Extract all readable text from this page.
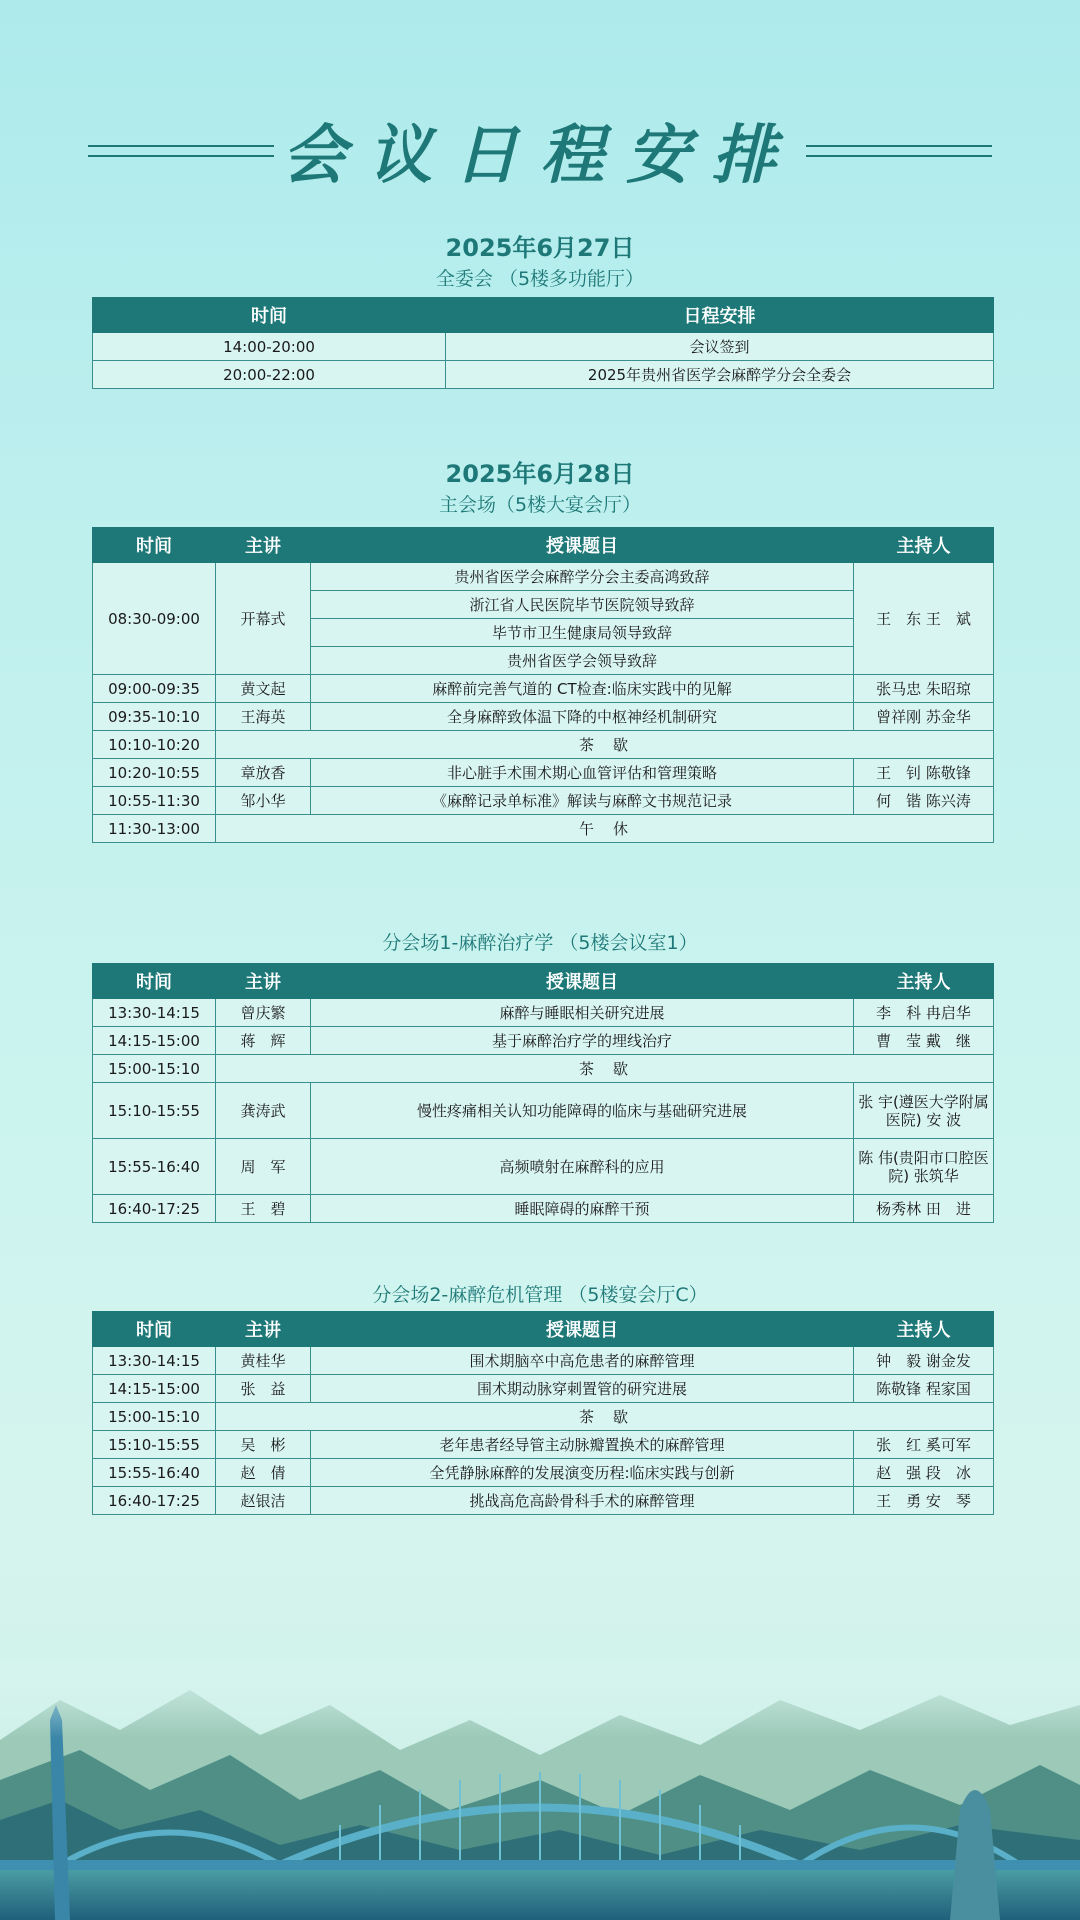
会议日程安排
2025年6月27日
全委会 （5楼多功能厅）
时间	日程安排
14:00-20:00	会议签到
20:00-22:00	2025年贵州省医学会麻醉学分会全委会
2025年6月28日
主会场（5楼大宴会厅）
时间	主讲	授课题目	主持人
08:30-09:00	开幕式	贵州省医学会麻醉学分会主委高鸿致辞	王　东 王　斌
		浙江省人民医院毕节医院领导致辞	
		毕节市卫生健康局领导致辞	
		贵州省医学会领导致辞	
09:00-09:35	黄文起	麻醉前完善气道的 CT检查:临床实践中的见解	张马忠 朱昭琼
09:35-10:10	王海英	全身麻醉致体温下降的中枢神经机制研究	曾祥刚 苏金华
10:10-10:20	茶　歇		
10:20-10:55	章放香	非心脏手术围术期心血管评估和管理策略	王　钊 陈敬锋
10:55-11:30	邹小华	《麻醉记录单标准》解读与麻醉文书规范记录	何　锴 陈兴涛
11:30-13:00	午　休		
分会场1-麻醉治疗学 （5楼会议室1）
时间	主讲	授课题目	主持人
13:30-14:15	曾庆繁	麻醉与睡眠相关研究进展	李　科 冉启华
14:15-15:00	蒋　辉	基于麻醉治疗学的埋线治疗	曹　莹 戴　继
15:00-15:10	茶　歇		
15:10-15:55	龚涛武	慢性疼痛相关认知功能障碍的临床与基础研究进展	张 宇(遵医大学附属医院) 安 波
15:55-16:40	周　军	高频喷射在麻醉科的应用	陈 伟(贵阳市口腔医院) 张筑华
16:40-17:25	王　碧	睡眠障碍的麻醉干预	杨秀林 田　进
分会场2-麻醉危机管理 （5楼宴会厅C）
时间	主讲	授课题目	主持人
13:30-14:15	黄桂华	围术期脑卒中高危患者的麻醉管理	钟　毅 谢金发
14:15-15:00	张　益	围术期动脉穿刺置管的研究进展	陈敬锋 程家国
15:00-15:10	茶　歇		
15:10-15:55	吴　彬	老年患者经导管主动脉瓣置换术的麻醉管理	张　红 奚可军
15:55-16:40	赵　倩	全凭静脉麻醉的发展演变历程:临床实践与创新	赵　强 段　冰
16:40-17:25	赵银洁	挑战高危高龄骨科手术的麻醉管理	王　勇 安　琴
